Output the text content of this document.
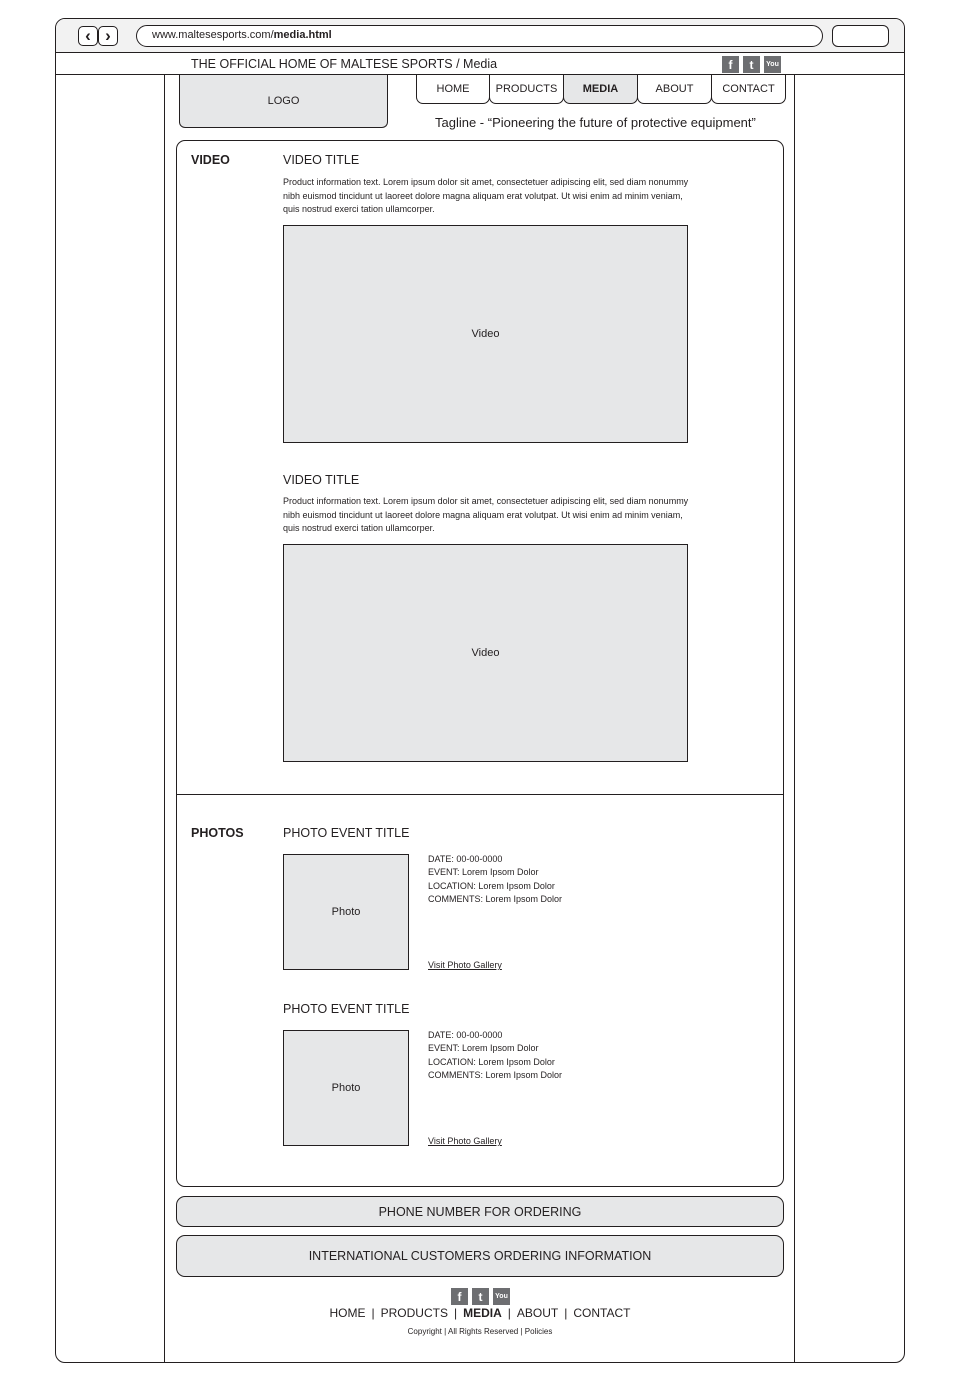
‹ ›	www.maltesesports.com/media.html
THE OFFICIAL HOME OF MALTESE SPORTS / Media	f t You
LOGO
HOME PRODUCTS MEDIA	ABOUT	CONTACT
Tagline - “Pioneering the future of protective equipment”
VIDEO	VIDEO TITLE
Product information text. Lorem ipsum dolor sit amet, consectetuer adipiscing elit, sed diam nonummy nibh euismod tincidunt ut laoreet dolore magna aliquam erat volutpat. Ut wisi enim ad minim veniam, quis nostrud exerci tation ullamcorper.
Video
VIDEO TITLE
Product information text. Lorem ipsum dolor sit amet, consectetuer adipiscing elit, sed diam nonummy nibh euismod tincidunt ut laoreet dolore magna aliquam erat volutpat. Ut wisi enim ad minim veniam, quis nostrud exerci tation ullamcorper.
Video
PHOTOS	PHOTO EVENT TITLE
Photo
DATE: 00-00-0000
EVENT: Lorem Ipsom Dolor
LOCATION: Lorem Ipsom Dolor
COMMENTS: Lorem Ipsom Dolor
Visit Photo Gallery
PHOTO EVENT TITLE
Photo
DATE: 00-00-0000
EVENT: Lorem Ipsom Dolor
LOCATION: Lorem Ipsom Dolor
COMMENTS: Lorem Ipsom Dolor
Visit Photo Gallery
PHONE NUMBER FOR ORDERING
INTERNATIONAL CUSTOMERS ORDERING INFORMATION
f t You
HOME | PRODUCTS | MEDIA | ABOUT | CONTACT
Copyright | All Rights Reserved | Policies
